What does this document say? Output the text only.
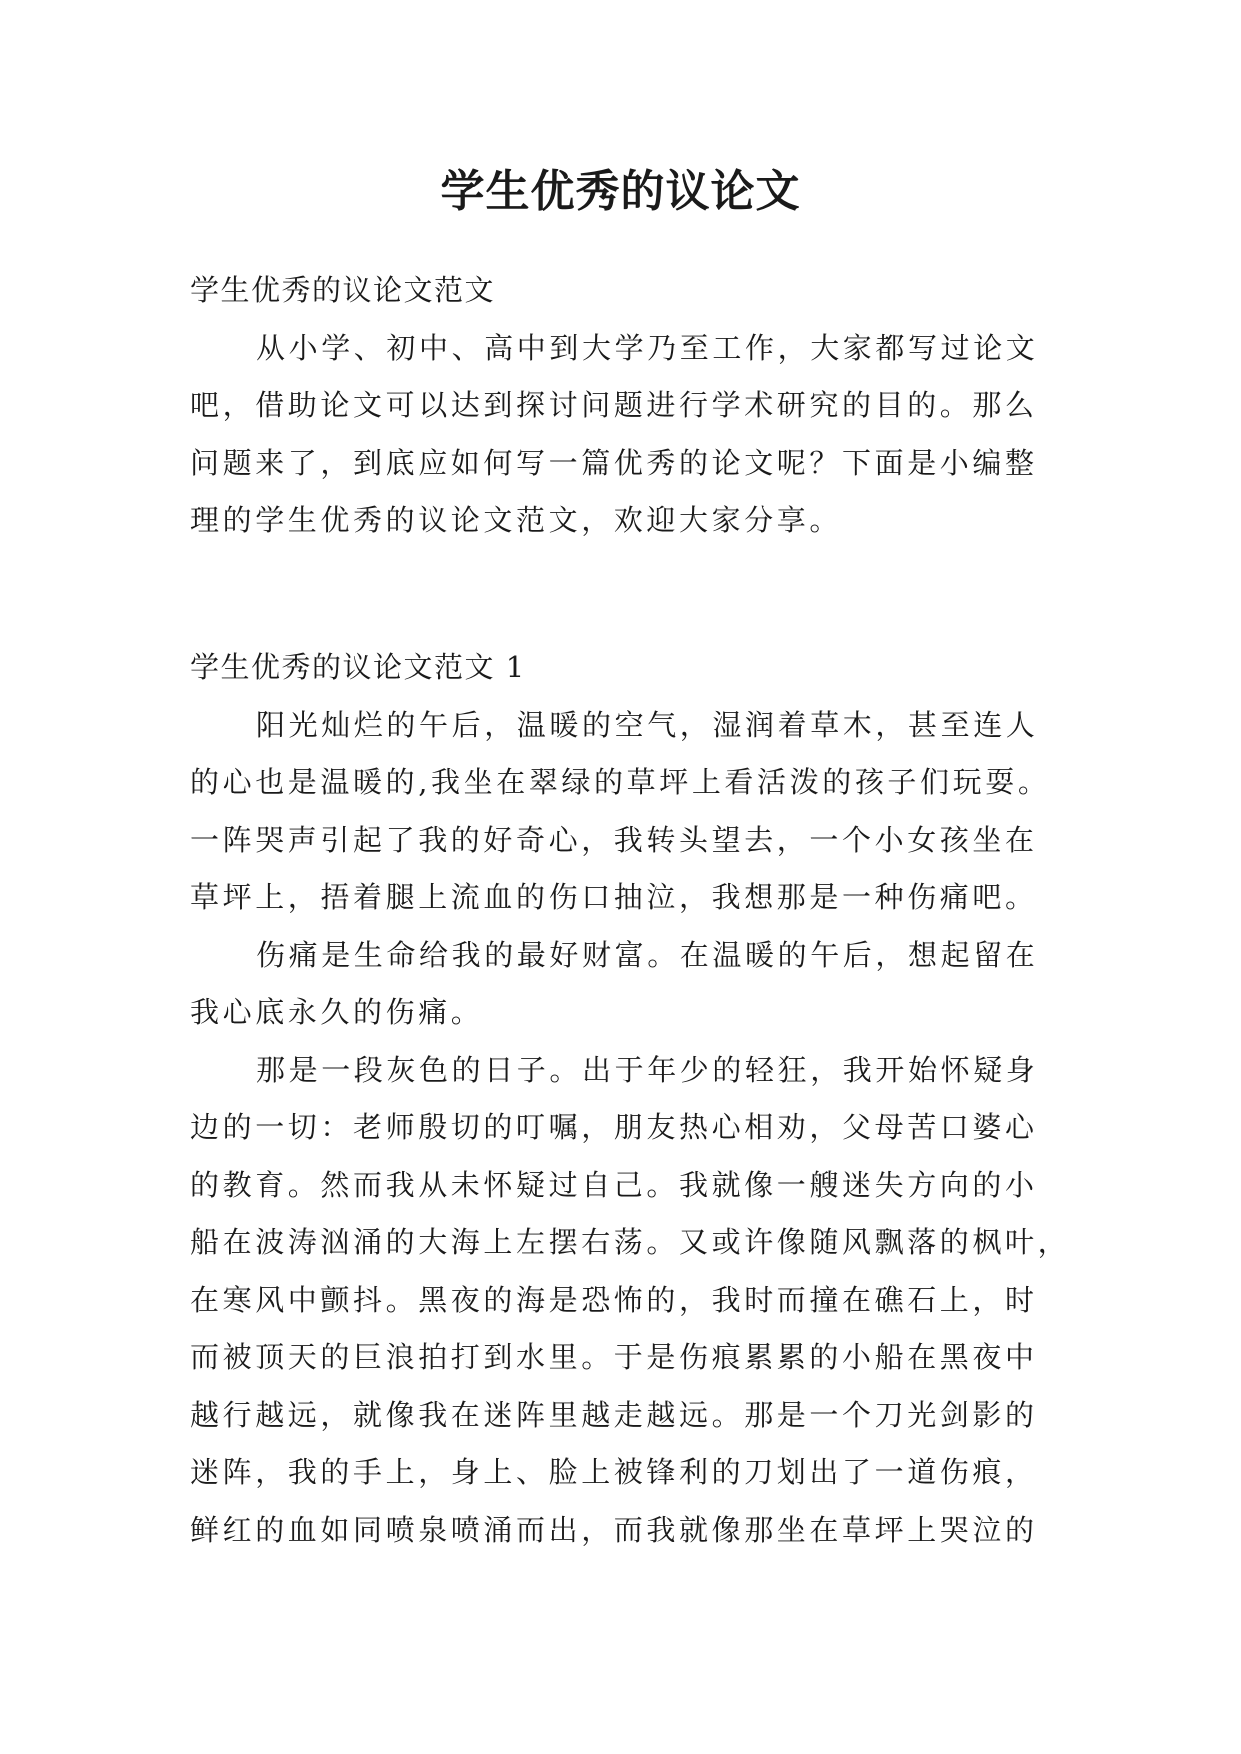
学生优秀的议论文

学生优秀的议论文范文

从小学、初中、高中到大学乃至工作，大家都写过论文

吧，借助论文可以达到探讨问题进行学术研究的目的。那么

问题来了，到底应如何写一篇优秀的论文呢？下面是小编整

理的学生优秀的议论文范文，欢迎大家分享。

学生优秀的议论文范文 1

阳光灿烂的午后，温暖的空气，湿润着草木，甚至连人

的心也是温暖的,我坐在翠绿的草坪上看活泼的孩子们玩耍。

一阵哭声引起了我的好奇心，我转头望去，一个小女孩坐在

草坪上，捂着腿上流血的伤口抽泣，我想那是一种伤痛吧。

伤痛是生命给我的最好财富。在温暖的午后，想起留在

我心底永久的伤痛。

那是一段灰色的日子。出于年少的轻狂，我开始怀疑身

边的一切：老师殷切的叮嘱，朋友热心相劝，父母苦口婆心

的教育。然而我从未怀疑过自己。我就像一艘迷失方向的小

船在波涛汹涌的大海上左摆右荡。又或许像随风飘落的枫叶，

在寒风中颤抖。黑夜的海是恐怖的，我时而撞在礁石上，时

而被顶天的巨浪拍打到水里。于是伤痕累累的小船在黑夜中

越行越远，就像我在迷阵里越走越远。那是一个刀光剑影的

迷阵，我的手上，身上、脸上被锋利的刀划出了一道伤痕，

鲜红的血如同喷泉喷涌而出，而我就像那坐在草坪上哭泣的
